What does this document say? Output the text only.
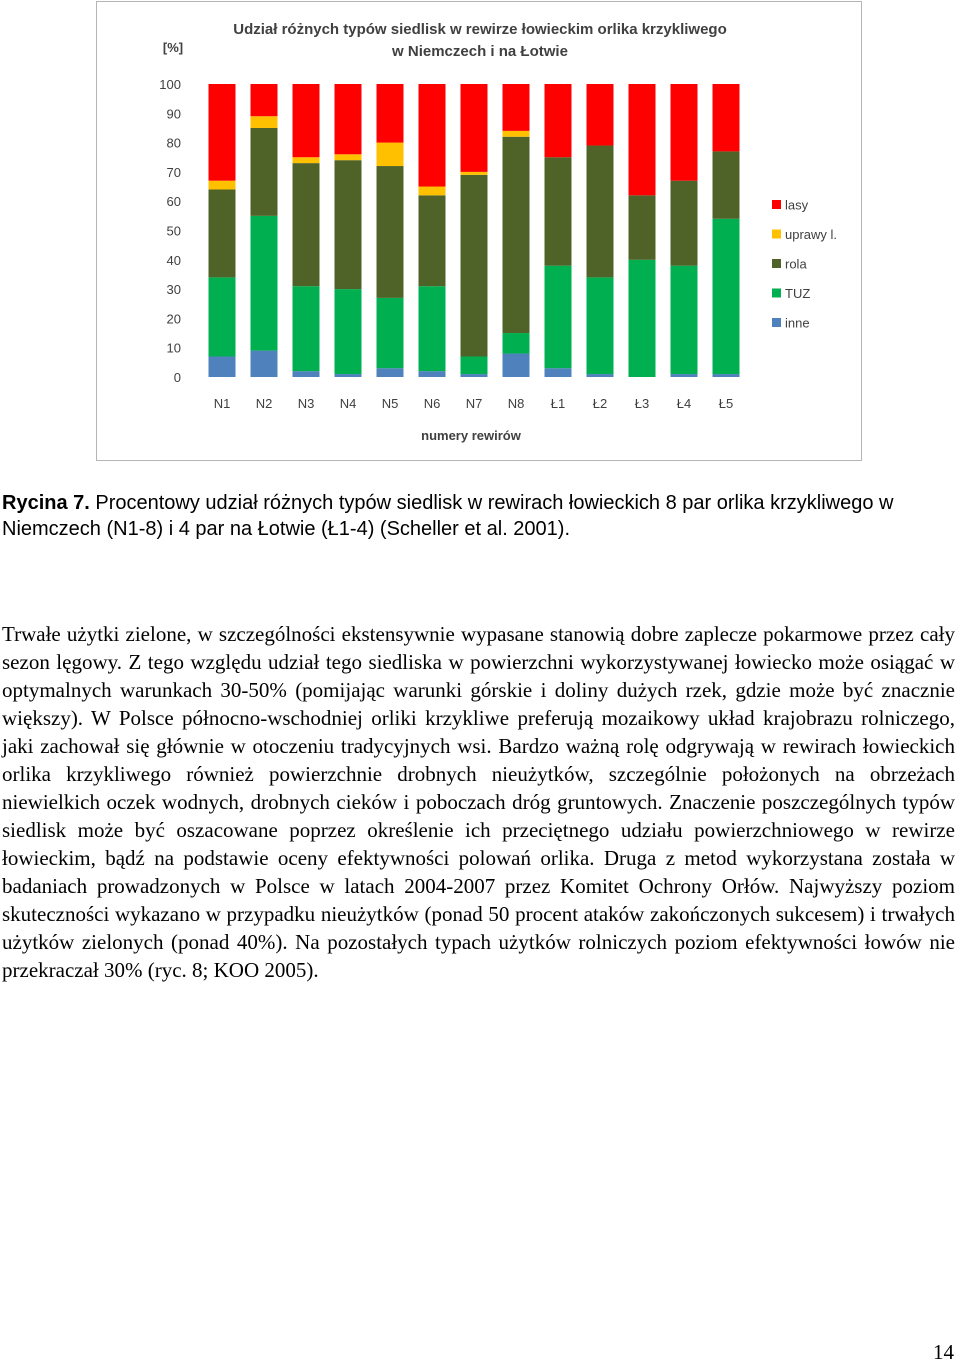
Udział różnych typów siedlisk w rewirze łowieckim orlika krzykliwego
w Niemczech i na Łotwie
[%]
numery rewirów
0
10
20
30
40
50
60
70
80
90
100
N1 N2 N3 N4 N5 N6 N7 N8 Ł1 Ł2 Ł3 Ł4 Ł5
lasy
uprawy l.
rola
TUZ
inne
Rycina 7. Procentowy udział różnych typów siedlisk w rewirach łowieckich 8 par orlika krzykliwego w Niemczech (N1-8) i 4 par na Łotwie (Ł1-4) (Scheller et al. 2001).
Trwałe użytki zielone, w szczególności ekstensywnie wypasane stanowią dobre zaplecze pokarmowe przez cały sezon lęgowy. Z tego względu udział tego siedliska w powierzchni wykorzystywanej łowiecko może osiągać w optymalnych warunkach 30-50% (pomijając warunki górskie i doliny dużych rzek, gdzie może być znacznie większy). W Polsce północno-wschodniej orliki krzykliwe preferują mozaikowy układ krajobrazu rolniczego, jaki zachował się głównie w otoczeniu tradycyjnych wsi. Bardzo ważną rolę odgrywają w rewirach łowieckich orlika krzykliwego również powierzchnie drobnych nieużytków, szczególnie położonych na obrzeżach niewielkich oczek wodnych, drobnych cieków i poboczach dróg gruntowych. Znaczenie poszczególnych typów siedlisk może być oszacowane poprzez określenie ich przeciętnego udziału powierzchniowego w rewirze łowieckim, bądź na podstawie oceny efektywności polowań orlika. Druga z metod wykorzystana została w badaniach prowadzonych w Polsce w latach 2004-2007 przez Komitet Ochrony Orłów. Najwyższy poziom skuteczności wykazano w przypadku nieużytków (ponad 50 procent ataków zakończonych sukcesem) i trwałych użytków zielonych (ponad 40%). Na pozostałych typach użytków rolniczych poziom efektywności łowów nie przekraczał 30% (ryc. 8; KOO 2005).
14
